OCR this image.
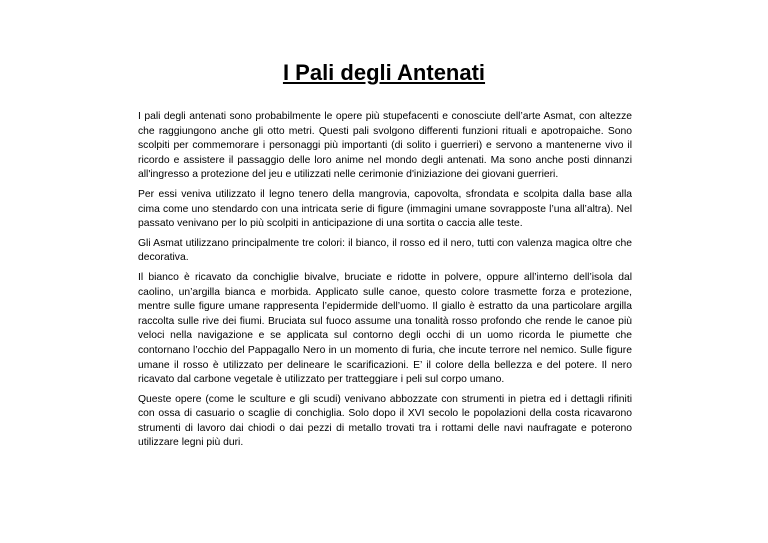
I Pali degli Antenati

I pali degli antenati sono probabilmente le opere più stupefacenti e conosciute dell’arte Asmat, con altezze che raggiungono anche gli otto metri. Questi pali svolgono differenti funzioni rituali e apotropaiche. Sono scolpiti per commemorare i personaggi più importanti (di solito i guerrieri) e servono a mantenerne vivo il ricordo e assistere il passaggio delle loro anime nel mondo degli antenati. Ma sono anche posti dinnanzi all'ingresso a protezione del jeu e utilizzati nelle cerimonie d'iniziazione dei giovani guerrieri.

Per essi veniva utilizzato il legno tenero della mangrovia, capovolta, sfrondata e scolpita dalla base alla cima come uno stendardo con una intricata serie di figure (immagini umane sovrapposte l’una all’altra). Nel passato venivano per lo più scolpiti in anticipazione di una sortita o caccia alle teste.

Gli Asmat utilizzano principalmente tre colori: il bianco, il rosso ed il nero, tutti con valenza magica oltre che decorativa.

Il bianco è ricavato da conchiglie bivalve, bruciate e ridotte in polvere, oppure all’interno dell’isola dal caolino, un’argilla bianca e morbida. Applicato sulle canoe, questo colore trasmette forza e protezione, mentre sulle figure umane rappresenta l’epidermide dell’uomo. Il giallo è estratto da una particolare argilla raccolta sulle rive dei fiumi. Bruciata sul fuoco assume una tonalità rosso profondo che rende le canoe più veloci nella navigazione e se applicata sul contorno degli occhi di un uomo ricorda le piumette che contornano l’occhio del Pappagallo Nero in un momento di furia, che incute terrore nel nemico. Sulle figure umane il rosso è utilizzato per delineare le scarificazioni. E’ il colore della bellezza e del potere. Il nero ricavato dal carbone vegetale è utilizzato per tratteggiare i peli sul corpo umano.

Queste opere (come le sculture e gli scudi) venivano abbozzate con strumenti in pietra ed i dettagli rifiniti con ossa di casuario o scaglie di conchiglia. Solo dopo il XVI secolo le popolazioni della costa ricavarono strumenti di lavoro dai chiodi o dai pezzi di metallo trovati tra i rottami delle navi naufragate e poterono utilizzare legni più duri.
